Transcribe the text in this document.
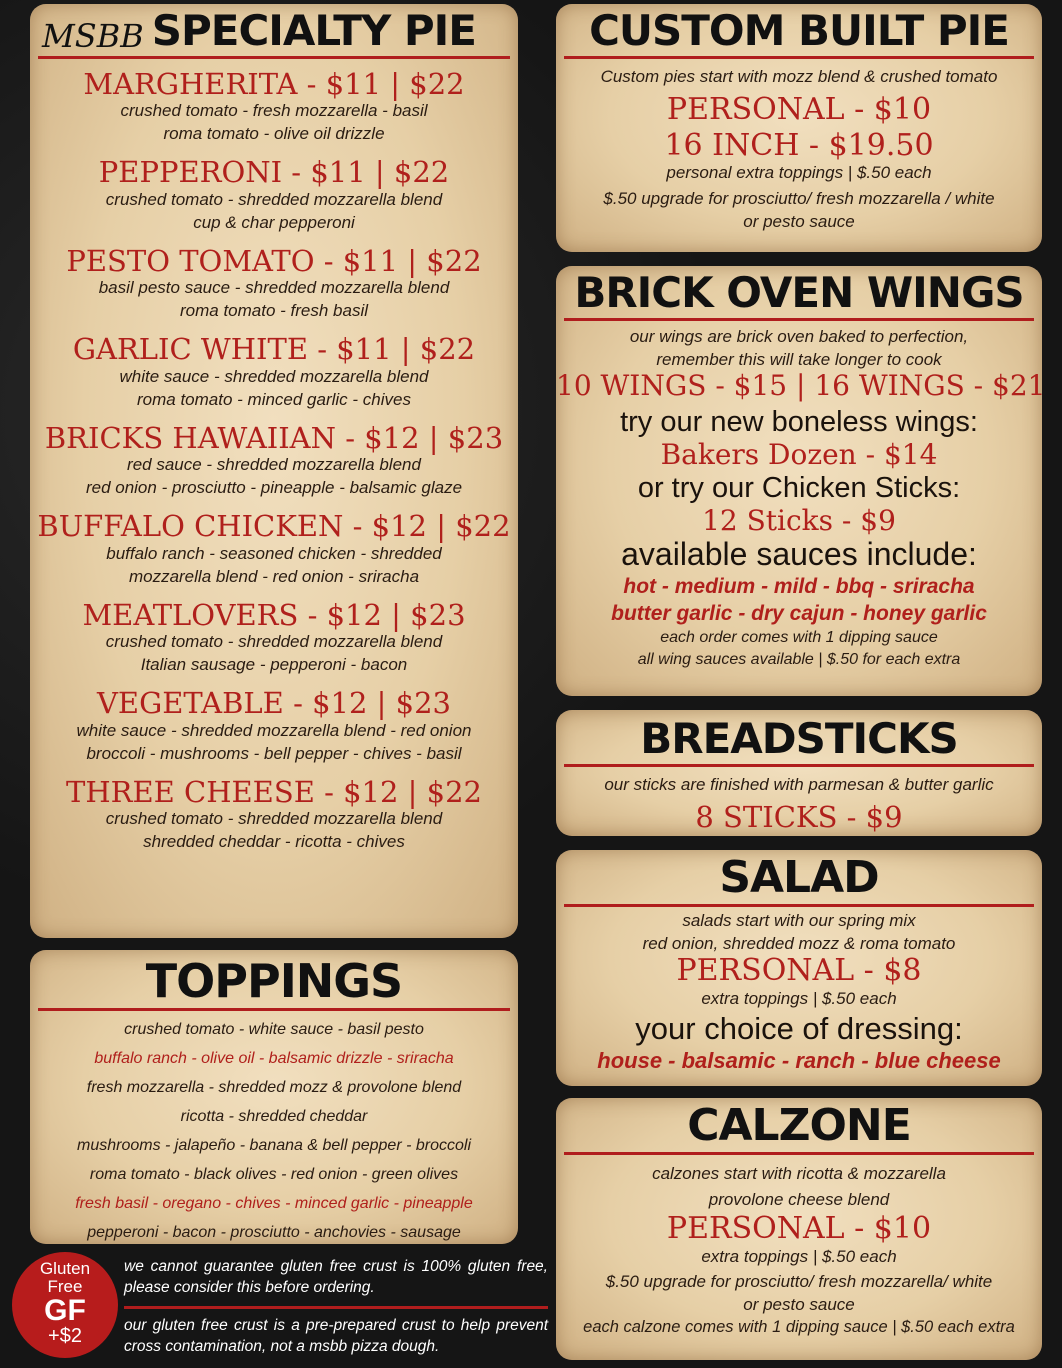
MSBB SPECIALTY PIE
MARGHERITA - $11 | $22
crushed tomato - fresh mozzarella - basil
roma tomato - olive oil drizzle
PEPPERONI - $11 | $22
crushed tomato - shredded mozzarella blend
cup & char pepperoni
PESTO TOMATO - $11 | $22
basil pesto sauce - shredded mozzarella blend
roma tomato - fresh basil
GARLIC WHITE - $11 | $22
white sauce - shredded mozzarella blend
roma tomato - minced garlic - chives
BRICKS HAWAIIAN - $12 | $23
red sauce - shredded mozzarella blend
red onion - prosciutto - pineapple - balsamic glaze
BUFFALO CHICKEN - $12 | $22
buffalo ranch - seasoned chicken - shredded
mozzarella blend - red onion - sriracha
MEATLOVERS - $12 | $23
crushed tomato - shredded mozzarella blend
Italian sausage - pepperoni - bacon
VEGETABLE - $12 | $23
white sauce - shredded mozzarella blend - red onion
broccoli - mushrooms - bell pepper - chives - basil
THREE CHEESE - $12 | $22
crushed tomato - shredded mozzarella blend
shredded cheddar - ricotta - chives
TOPPINGS
crushed tomato - white sauce - basil pesto
buffalo ranch - olive oil - balsamic drizzle - sriracha
fresh mozzarella - shredded mozz & provolone blend
ricotta - shredded cheddar
mushrooms - jalapeño - banana & bell pepper - broccoli
roma tomato - black olives - red onion - green olives
fresh basil - oregano - chives - minced garlic - pineapple
pepperoni - bacon - prosciutto - anchovies - sausage
Gluten
Free
GF
+$2
we cannot guarantee gluten free crust is 100% gluten free, please consider this before ordering.
our gluten free crust is a pre-prepared crust to help prevent cross contamination, not a msbb pizza dough.
CUSTOM BUILT PIE
Custom pies start with mozz blend & crushed tomato
PERSONAL - $10
16 INCH - $19.50
personal extra toppings | $.50 each
$.50 upgrade for prosciutto/ fresh mozzarella / white
or pesto sauce
BRICK OVEN WINGS
our wings are brick oven baked to perfection,
remember this will take longer to cook
10 WINGS - $15 | 16 WINGS - $21
try our new boneless wings:
Bakers Dozen - $14
or try our Chicken Sticks:
12 Sticks - $9
available sauces include:
hot - medium - mild - bbq - sriracha
butter garlic - dry cajun - honey garlic
each order comes with 1 dipping sauce
all wing sauces available | $.50 for each extra
BREADSTICKS
our sticks are finished with parmesan & butter garlic
8 STICKS - $9
SALAD
salads start with our spring mix
red onion, shredded mozz & roma tomato
PERSONAL - $8
extra toppings | $.50 each
your choice of dressing:
house - balsamic - ranch - blue cheese
CALZONE
calzones start with ricotta & mozzarella
provolone cheese blend
PERSONAL - $10
extra toppings | $.50 each
$.50 upgrade for prosciutto/ fresh mozzarella/ white
or pesto sauce
each calzone comes with 1 dipping sauce | $.50 each extra
